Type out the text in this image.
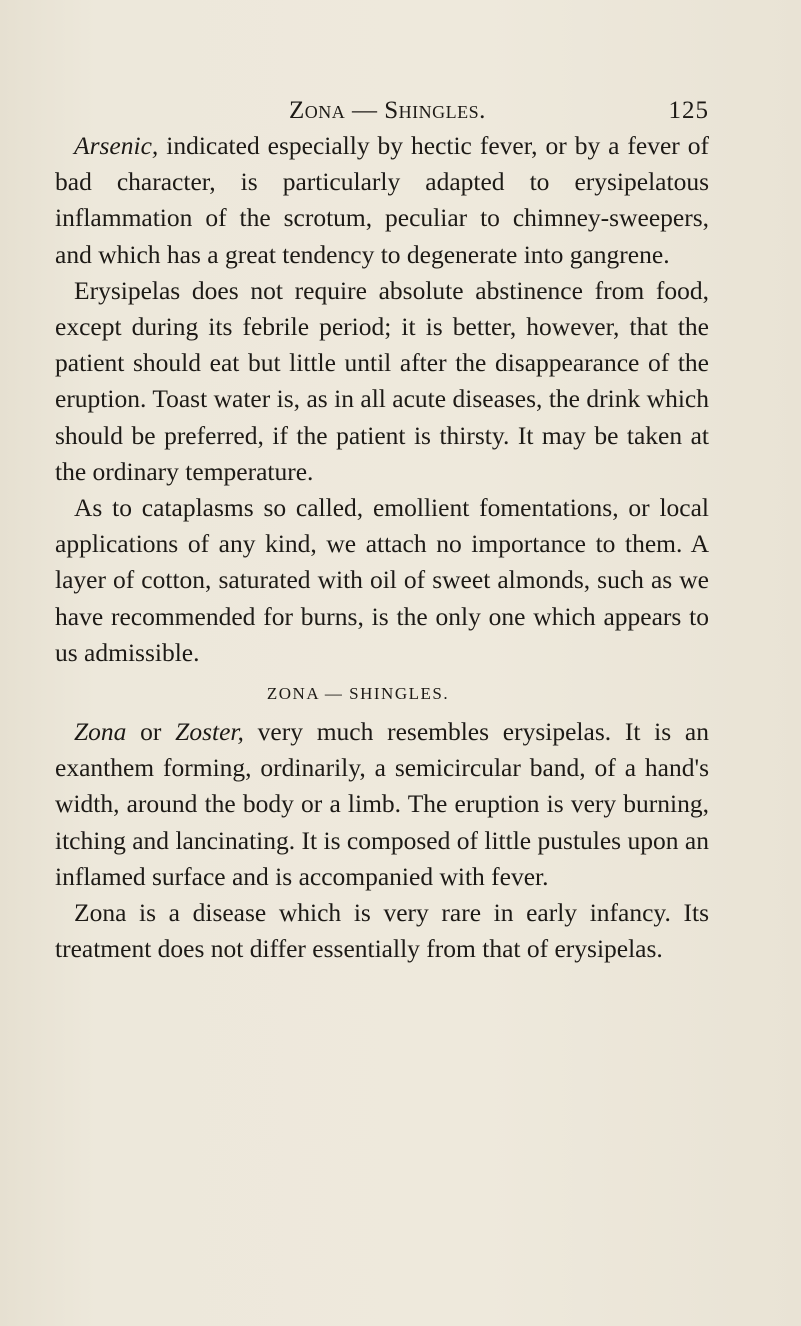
Zona — Shingles.	125

Arsenic, indicated especially by hectic fever, or by a fever of bad character, is particularly adapted to erysipelatous inflammation of the scrotum, peculiar to chimney-sweepers, and which has a great tendency to degenerate into gangrene.

Erysipelas does not require absolute abstinence from food, except during its febrile period; it is better, however, that the patient should eat but little until after the disappearance of the eruption. Toast water is, as in all acute diseases, the drink which should be preferred, if the patient is thirsty. It may be taken at the ordinary temperature.

As to cataplasms so called, emollient fomentations, or local applications of any kind, we attach no importance to them. A layer of cotton, saturated with oil of sweet almonds, such as we have recommended for burns, is the only one which appears to us admissible.

ZONA — SHINGLES.

Zona or Zoster, very much resembles erysipelas. It is an exanthem forming, ordinarily, a semicircular band, of a hand's width, around the body or a limb. The eruption is very burning, itching and lancinating. It is composed of little pustules upon an inflamed surface and is accompanied with fever.

Zona is a disease which is very rare in early infancy. Its treatment does not differ essentially from that of erysipelas.
